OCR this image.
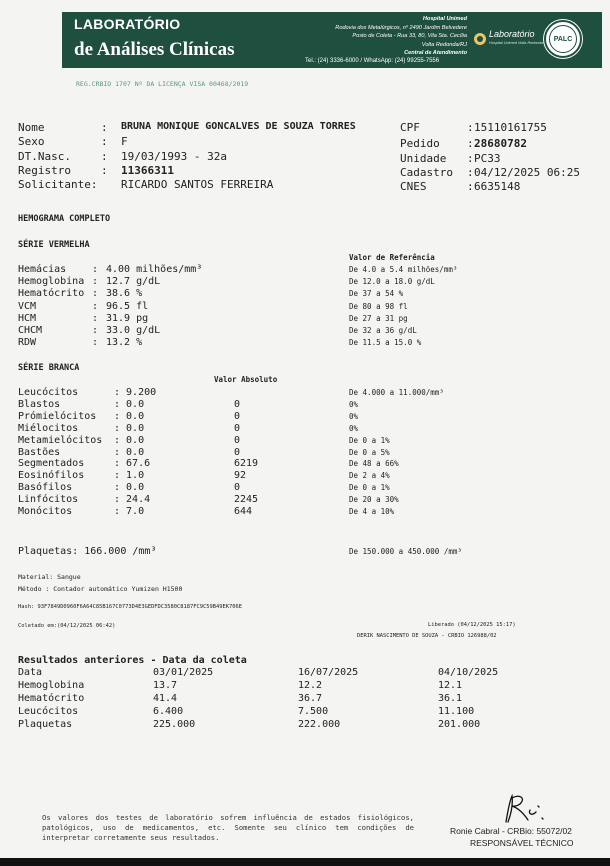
LABORATÓRIO
de Análises Clínicas
Hospital Unimed
Rodovia dos Metalúrgicos, nº 2490 Jardim Belvedere
Posto de Coleta - Rua 33, 80, Vila Sta. Cecília
Volta Redonda/RJ
Central de Atendimento
Tel.: (24) 3336-6000 / WhatsApp: (24) 99255-7556
Laboratório
Hospital Unimed Volta Redonda
PALC
REG.CRBIO 1707 Nº DA LICENÇA VISA 00468/2019
Nome	: BRUNA MONIQUE GONCALVES DE SOUZA TORRES
Sexo	: F
DT.Nasc.	: 19/03/1993 - 32a
Registro	: 11366311
Solicitante: RICARDO SANTOS FERREIRA
CPF	: 15110161755
Pedido : 28680782
Unidade : PC33
Cadastro : 04/12/2025 06:25
CNES	: 6635148
HEMOGRAMA COMPLETO
SÉRIE VERMELHA
Valor de Referência
Hemácias	: 4.00 milhões/mm³	De 4.0 a 5.4 milhões/mm³
Hemoglobina : 12.7 g/dL	De 12.0 a 18.0 g/dL
Hematócrito : 38.6 %	De 37 a 54 %
VCM	: 96.5 fl	De 80 a 98 fl
HCM	: 31.9 pg	De 27 a 31 pg
CHCM	: 33.0 g/dL	De 32 a 36 g/dL
RDW	: 13.2 %	De 11.5 a 15.0 %
SÉRIE BRANCA
Valor Absoluto
Leucócitos	: 9.200	De 4.000 a 11.000/mm³
Blastos	: 0.0	0	0%
Prómielócitos : 0.0	0	0%
Miélocitos	: 0.0	0	0%
Metamielócitos : 0.0	0	De 0 a 1%
Bastões	: 0.0	0	De 0 a 5%
Segmentados	: 67.6	6219	De 48 a 66%
Eosinófilos	: 1.0	92	De 2 a 4%
Basófilos	: 0.0	0	De 0 a 1%
Linfócitos	: 24.4	2245	De 20 a 30%
Monócitos	: 7.0	644	De 4 a 10%
Plaquetas: 166.000 /mm³	De 150.000 a 450.000 /mm³
Material: Sangue
Método : Contador automático Yumizen H1500
Hash: 93F7849D0960F6A64C85B167C0773D4E3GEDFDC3580C8187FC9C59B49EK706E
Coletado em:(04/12/2025 06:42)	Liberado (04/12/2025 15:17)
DERIK NASCIMENTO DE SOUZA - CRBIO 126988/02
Resultados anteriores - Data da coleta
Data	03/01/2025	16/07/2025	04/10/2025
Hemoglobina	13.7	12.2	12.1
Hematócrito	41.4	36.7	36.1
Leucócitos	6.400	7.500	11.100
Plaquetas	225.000	222.000	201.000
Os valores dos testes de laboratório sofrem influência de estados fisiológicos, patológicos, uso de medicamentos, etc. Somente seu clínico tem condições de interpretar corretamente seus resultados.
Ronie Cabral - CRBio: 55072/02
RESPONSÁVEL TÉCNICO
